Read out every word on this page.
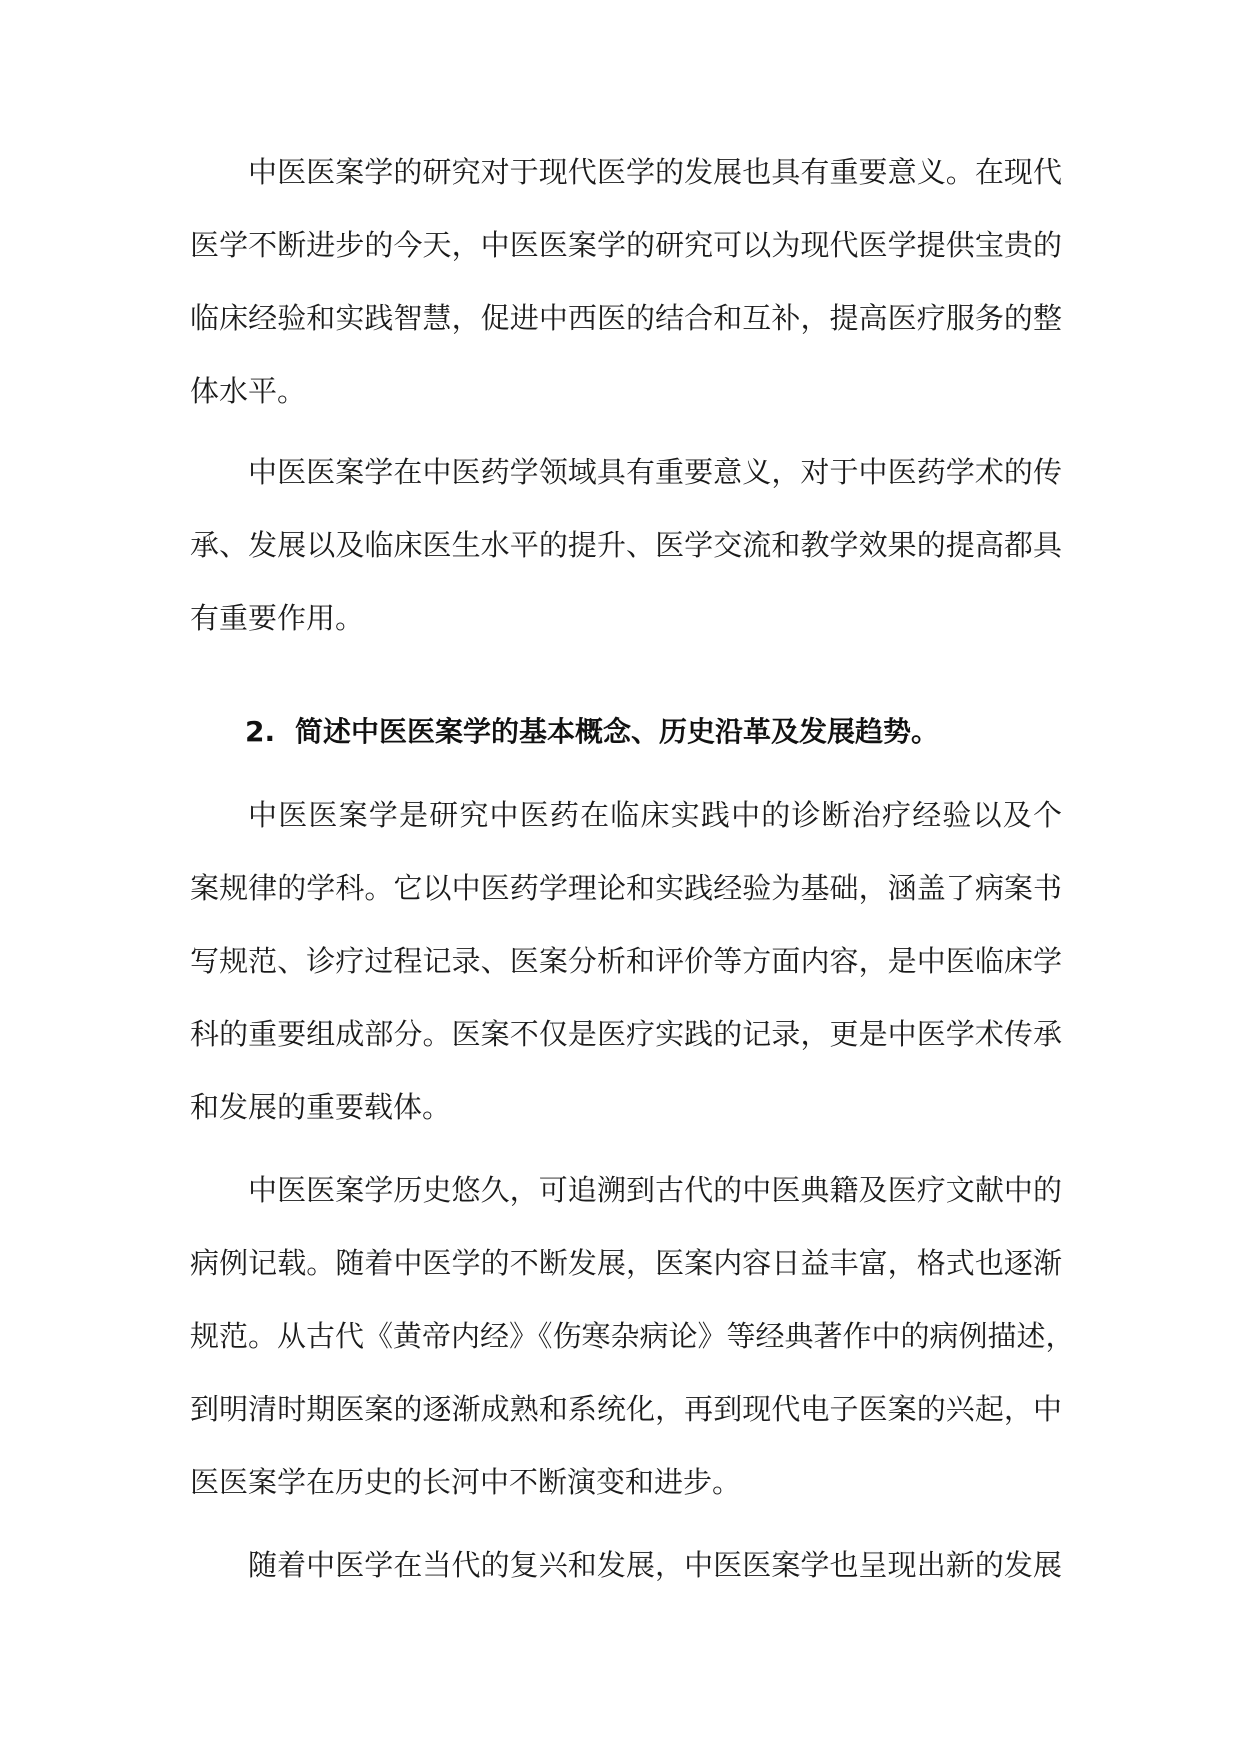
中医医案学的研究对于现代医学的发展也具有重要意义。在现代
医学不断进步的今天，中医医案学的研究可以为现代医学提供宝贵的
临床经验和实践智慧，促进中西医的结合和互补，提高医疗服务的整
体水平。
中医医案学在中医药学领域具有重要意义，对于中医药学术的传
承、发展以及临床医生水平的提升、医学交流和教学效果的提高都具
有重要作用。
2. 简述中医医案学的基本概念、历史沿革及发展趋势。
中医医案学是研究中医药在临床实践中的诊断治疗经验以及个
案规律的学科。它以中医药学理论和实践经验为基础，涵盖了病案书
写规范、诊疗过程记录、医案分析和评价等方面内容，是中医临床学
科的重要组成部分。医案不仅是医疗实践的记录，更是中医学术传承
和发展的重要载体。
中医医案学历史悠久，可追溯到古代的中医典籍及医疗文献中的
病例记载。随着中医学的不断发展，医案内容日益丰富，格式也逐渐
规范。从古代《黄帝内经》《伤寒杂病论》等经典著作中的病例描述，
到明清时期医案的逐渐成熟和系统化，再到现代电子医案的兴起，中
医医案学在历史的长河中不断演变和进步。
随着中医学在当代的复兴和发展，中医医案学也呈现出新的发展
